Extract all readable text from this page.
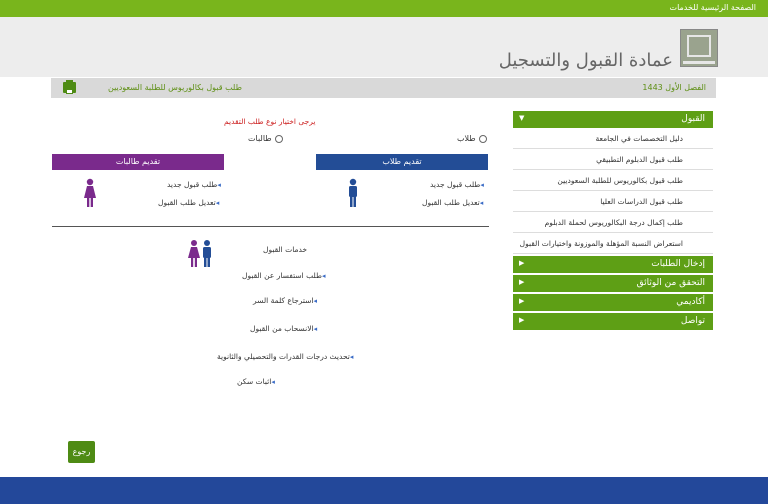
الصفحة الرئيسية للخدمات
عمادة القبول والتسجيل
الفصل الأول 1443
طلب قبول بكالوريوس للطلبة السعوديين
القبول
▼
دليل التخصصات في الجامعة
طلب قبول الدبلوم التطبيقي
طلب قبول بكالوريوس للطلبة السعوديين
طلب قبول الدراسات العليا
طلب إكمال درجة البكالوريوس لحملة الدبلوم
استعراض النسبة المؤهلة والموزونة واختيارات القبول
إدخال الطلبات
▶
التحقق من الوثائق
▶
أكاديمي
▶
تواصل
▶
يرجى اختيار نوع طلب التقديم
طلاب
طالبات
تقديم طلاب
تقديم طالبات
طلب قبول جديد◂
تعديل طلب القبول◂
طلب قبول جديد◂
تعديل طلب القبول◂
خدمات القبول
طلب استفسار عن القبول◂
استرجاع كلمة السر◂
الانسحاب من القبول◂
تحديث درجات القدرات والتحصيلي والثانوية◂
اثبات سكن◂
رجوع
